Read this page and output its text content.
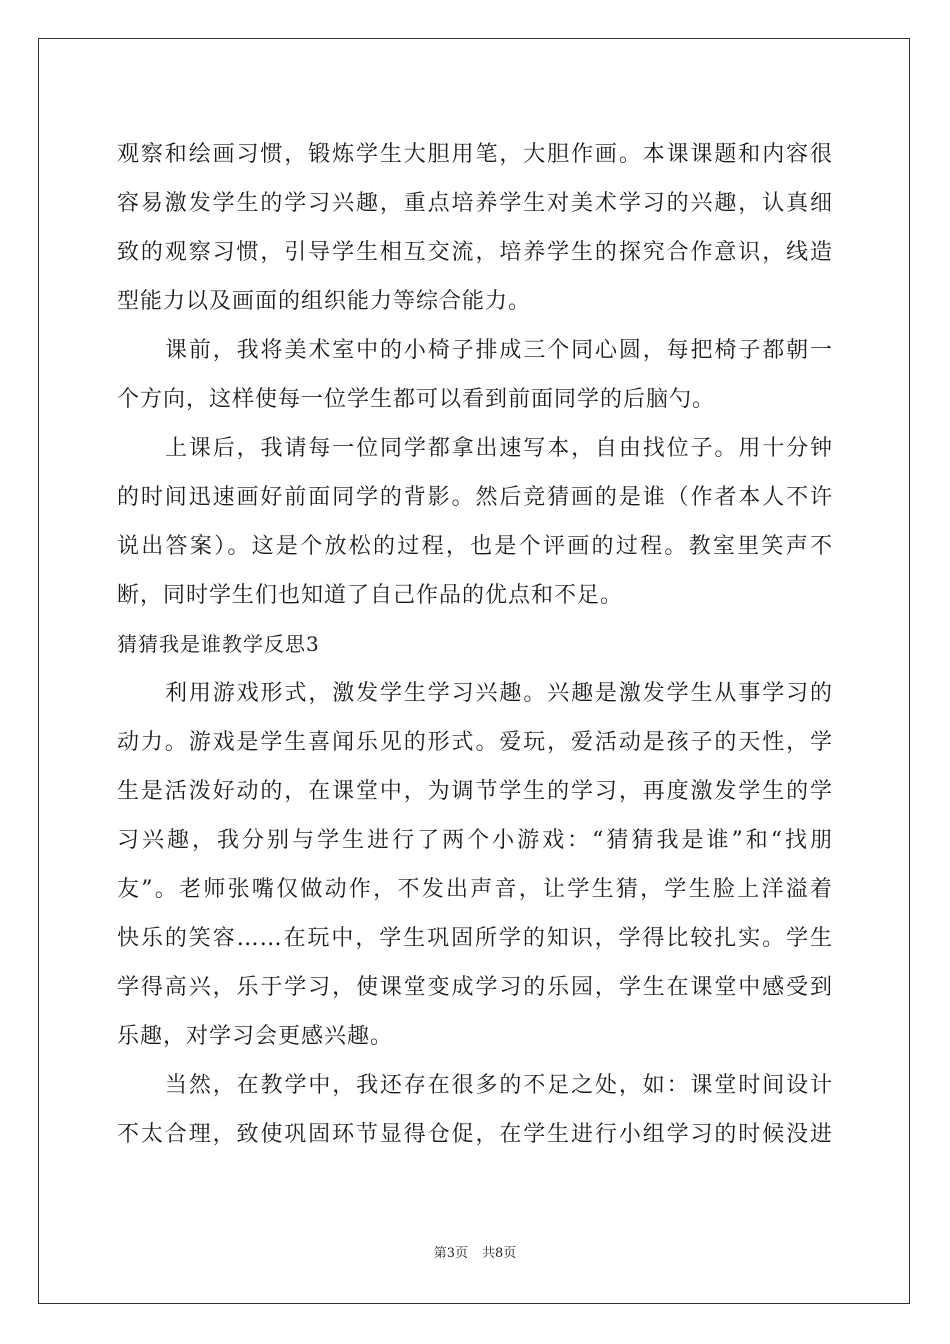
观察和绘画习惯，锻炼学生大胆用笔，大胆作画。本课课题和内容很
容易激发学生的学习兴趣，重点培养学生对美术学习的兴趣，认真细
致的观察习惯，引导学生相互交流，培养学生的探究合作意识，线造
型能力以及画面的组织能力等综合能力。

课前，我将美术室中的小椅子排成三个同心圆，每把椅子都朝一
个方向，这样使每一位学生都可以看到前面同学的后脑勺。

上课后，我请每一位同学都拿出速写本，自由找位子。用十分钟
的时间迅速画好前面同学的背影。然后竞猜画的是谁（作者本人不许
说出答案）。这是个放松的过程，也是个评画的过程。教室里笑声不
断，同时学生们也知道了自己作品的优点和不足。

猜猜我是谁教学反思3

利用游戏形式，激发学生学习兴趣。兴趣是激发学生从事学习的
动力。游戏是学生喜闻乐见的形式。爱玩，爱活动是孩子的天性，学
生是活泼好动的，在课堂中，为调节学生的学习，再度激发学生的学
习兴趣，我分别与学生进行了两个小游戏：“猜猜我是谁”和“找朋
友”。老师张嘴仅做动作，不发出声音，让学生猜，学生脸上洋溢着
快乐的笑容……在玩中，学生巩固所学的知识，学得比较扎实。学生
学得高兴，乐于学习，使课堂变成学习的乐园，学生在课堂中感受到
乐趣，对学习会更感兴趣。

当然，在教学中，我还存在很多的不足之处，如：课堂时间设计
不太合理，致使巩固环节显得仓促，在学生进行小组学习的时候没进

第3页 共8页
